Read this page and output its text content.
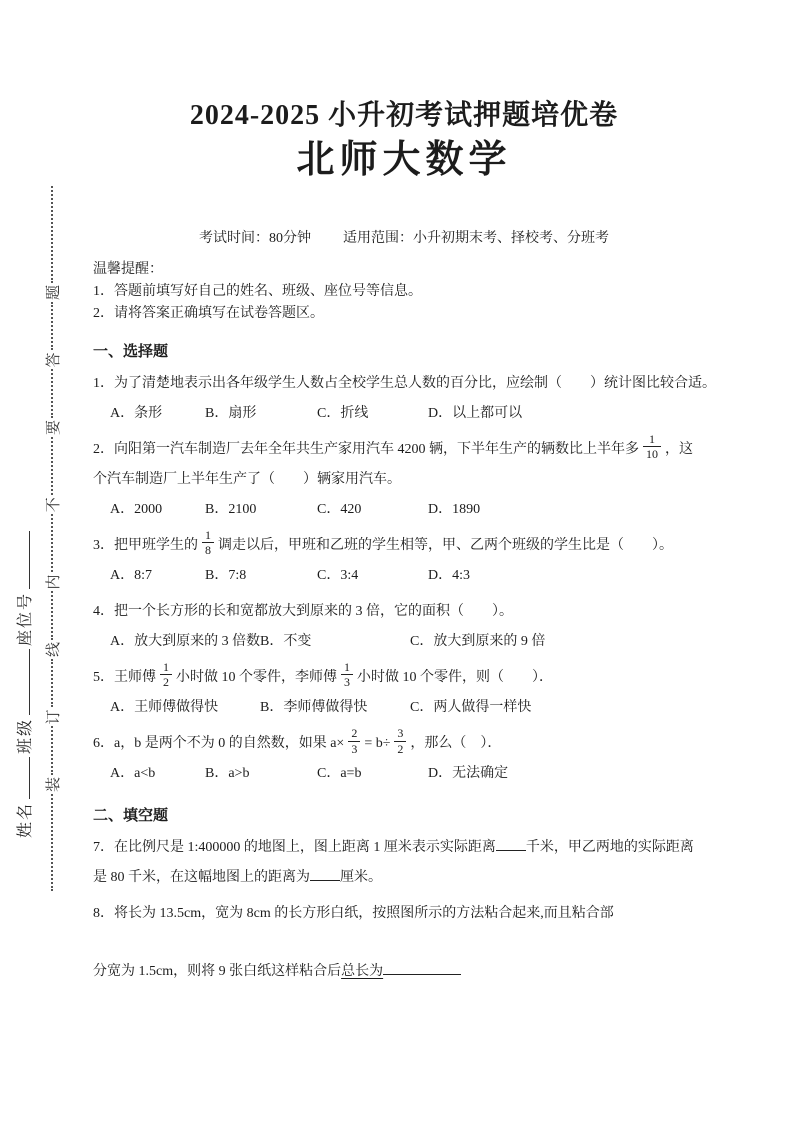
姓名
班级
座位号
装
订
线
内
不
要
答
题
2024-2025 小升初考试押题培优卷
北师大数学
考试时间：80分钟 适用范围：小升初期末考、择校考、分班考
温馨提醒：
1．答题前填写好自己的姓名、班级、座位号等信息。
2．请将答案正确填写在试卷答题区。
一、选择题
1．为了清楚地表示出各年级学生人数占全校学生总人数的百分比，应绘制（　　）统计图比较合适。
A．条形	B．扇形	C．折线	D．以上都可以
2．向阳第一汽车制造厂去年全年共生产家用汽车 4200 辆，下半年生产的辆数比上半年多 $\frac{1}{10}$ ，这
个汽车制造厂上半年生产了（　　）辆家用汽车。
A．2000	B．2100	C．420	D．1890
3．把甲班学生的 $\frac{1}{8}$ 调走以后，甲班和乙班的学生相等，甲、乙两个班级的学生比是（　　）。
A．8:7	B．7:8	C．3:4	D．4:3
4．把一个长方形的长和宽都放大到原来的 3 倍，它的面积（　　）。
A．放大到原来的 3 倍数 B．不变	C．放大到原来的 9 倍
5．王师傅 $\frac{1}{2}$ 小时做 10 个零件，李师傅 $\frac{1}{3}$ 小时做 10 个零件，则（　　）．
A．王师傅做得快	B．李师傅做得快	C．两人做得一样快
6．a，b 是两个不为 0 的自然数，如果 $a\times \frac{2}{3} = b\div \frac{3}{2}$ ，那么（　）．
A．a<b	B．a>b	C．a=b	D．无法确定
二、填空题
7．在比例尺是 1:400000 的地图上，图上距离 1 厘米表示实际距离 千米，甲乙两地的实际距离
是 80 千米，在这幅地图上的距离为 厘米。
8．将长为 13.5cm，宽为 8cm 的长方形白纸，按照图所示的方法粘合起来,而且粘合部
分宽为 1.5cm，则将 9 张白纸这样粘合后总长为
